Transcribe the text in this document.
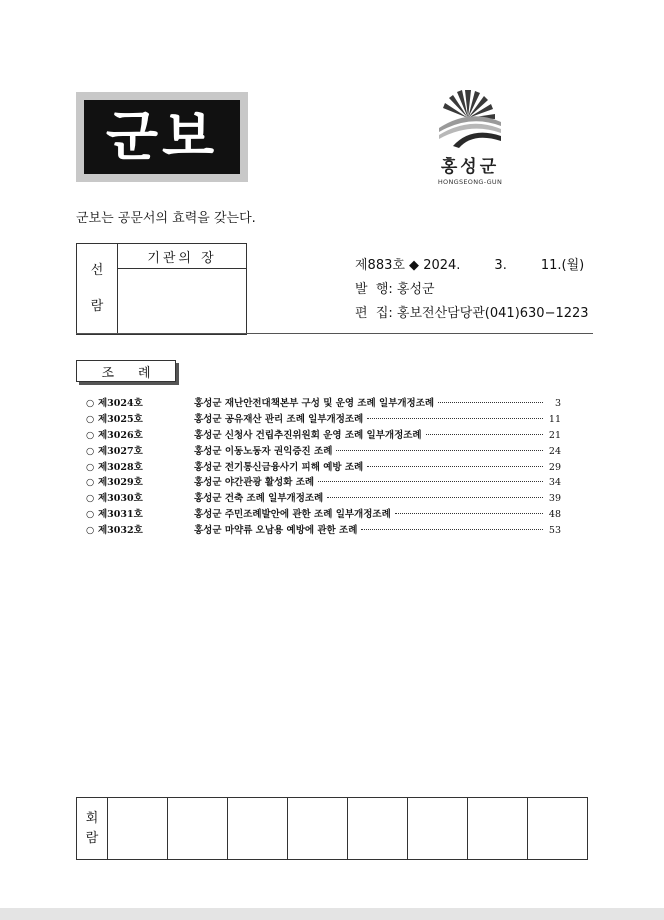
군보	홍성군
HONGSEONG-GUN
군보는 공문서의 효력을 갖는다.
선
람
	기관의 장	제883호 ◆ 2024.	3.	11.(월)
발  행: 홍성군
편  집: 홍보전산담당관(041)630−1223
조례
○ 제3024호	홍성군 재난안전대책본부 구성 및 운영 조례 일부개정조례	3
○ 제3025호	홍성군 공유재산 관리 조례 일부개정조례	11
○ 제3026호	홍성군 신청사 건립추진위원회 운영 조례 일부개정조례	21
○ 제3027호	홍성군 이동노동자 권익증진 조례	24
○ 제3028호	홍성군 전기통신금융사기 피해 예방 조례	29
○ 제3029호	홍성군 야간관광 활성화 조례	34
○ 제3030호	홍성군 건축 조례 일부개정조례	39
○ 제3031호	홍성군 주민조례발안에 관한 조례 일부개정조례	48
○ 제3032호	홍성군 마약류 오남용 예방에 관한 조례	53
회
람
